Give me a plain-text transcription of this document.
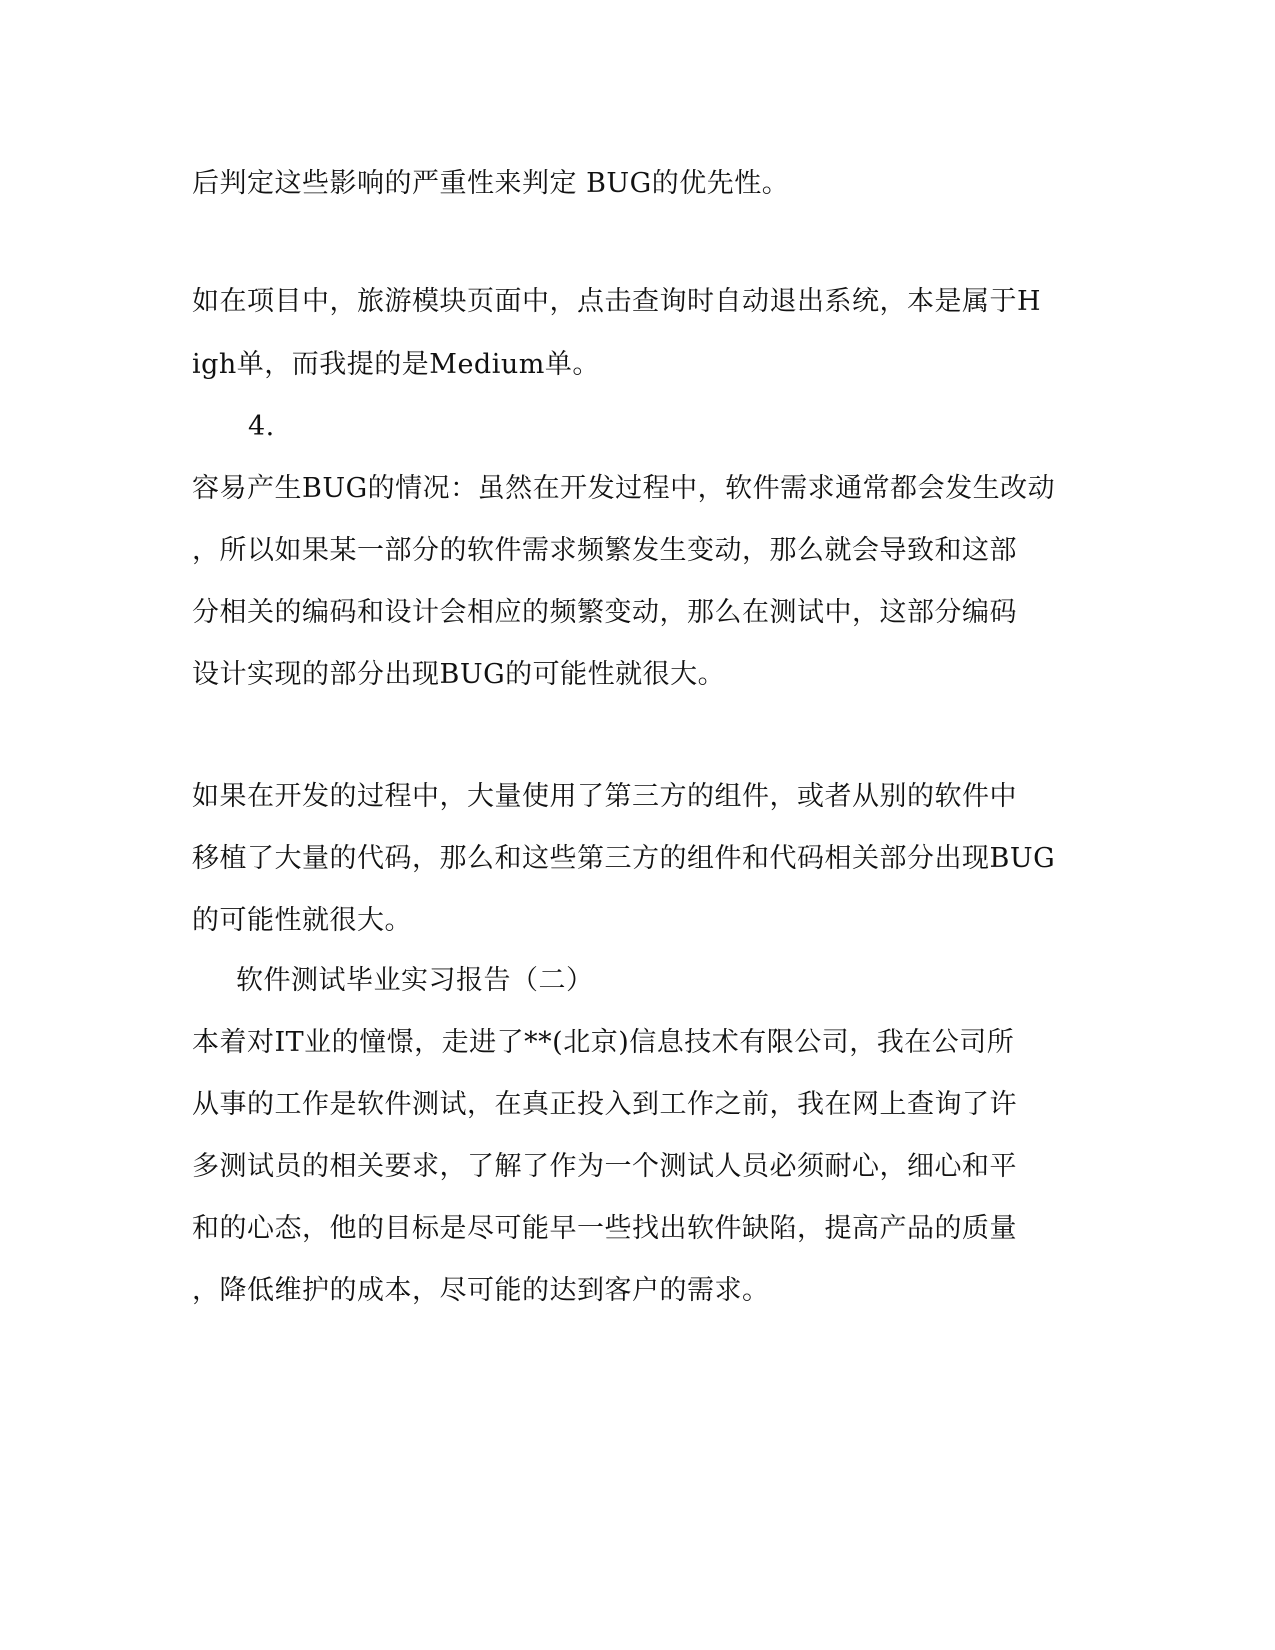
后判定这些影响的严重性来判定 BUG的优先性。
如在项目中，旅游模块页面中，点击查询时自动退出系统，本是属于H
igh单，而我提的是Medium单。
4.
容易产生BUG的情况：虽然在开发过程中，软件需求通常都会发生改动
，所以如果某一部分的软件需求频繁发生变动，那么就会导致和这部
分相关的编码和设计会相应的频繁变动，那么在测试中，这部分编码
设计实现的部分出现BUG的可能性就很大。
如果在开发的过程中，大量使用了第三方的组件，或者从别的软件中
移植了大量的代码，那么和这些第三方的组件和代码相关部分出现BUG
的可能性就很大。
软件测试毕业实习报告（二）
本着对IT业的憧憬，走进了**(北京)信息技术有限公司，我在公司所
从事的工作是软件测试，在真正投入到工作之前，我在网上查询了许
多测试员的相关要求，了解了作为一个测试人员必须耐心，细心和平
和的心态，他的目标是尽可能早一些找出软件缺陷，提高产品的质量
，降低维护的成本，尽可能的达到客户的需求。
